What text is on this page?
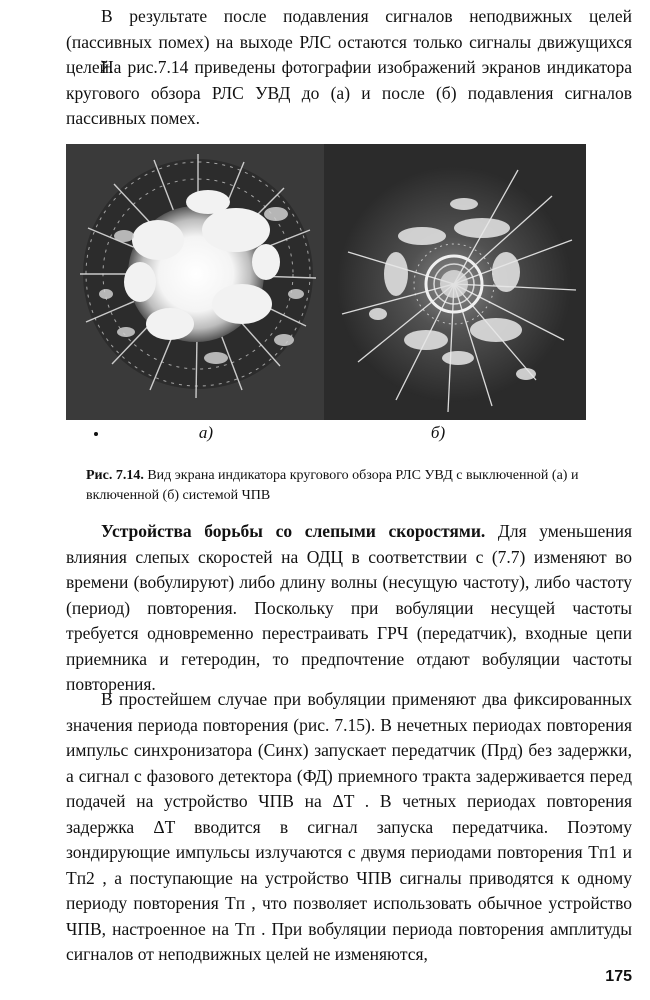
В результате после подавления сигналов неподвижных целей (пассивных помех) на выходе РЛС остаются только сигналы движущихся целей.

На рис.7.14 приведены фотографии изображений экранов индикатора кругового обзора РЛС УВД до (а) и после (б) подавления сигналов пассивных помех.

а)	б)

Рис. 7.14. Вид экрана индикатора кругового обзора РЛС УВД с выключенной (а) и включенной (б) системой ЧПВ

Устройства борьбы со слепыми скоростями. Для уменьшения влияния слепых скоростей на ОДЦ в соответствии с (7.7) изменяют во времени (вобулируют) либо длину волны (несущую частоту), либо частоту (период) повторения. Поскольку при вобуляции несущей частоты требуется одновременно перестраивать ГРЧ (передатчик), входные цепи приемника и гетеродин, то предпочтение отдают вобуляции частоты повторения.

В простейшем случае при вобуляции применяют два фиксированных значения периода повторения (рис. 7.15). В нечетных периодах повторения импульс синхронизатора (Синх) запускает передатчик (Прд) без задержки, а сигнал с фазового детектора (ФД) приемного тракта задерживается перед подачей на устройство ЧПВ на ΔT . В четных периодах повторения задержка ΔT вводится в сигнал запуска передатчика. Поэтому зондирующие импульсы излучаются с двумя периодами повторения Tп1 и Tп2 , а поступающие на устройство ЧПВ сигналы приводятся к одному периоду повторения Tп , что позволяет использовать обычное устройство ЧПВ, настроенное на Tп . При вобуляции периода повторения амплитуды сигналов от неподвижных целей не изменяются,

175
